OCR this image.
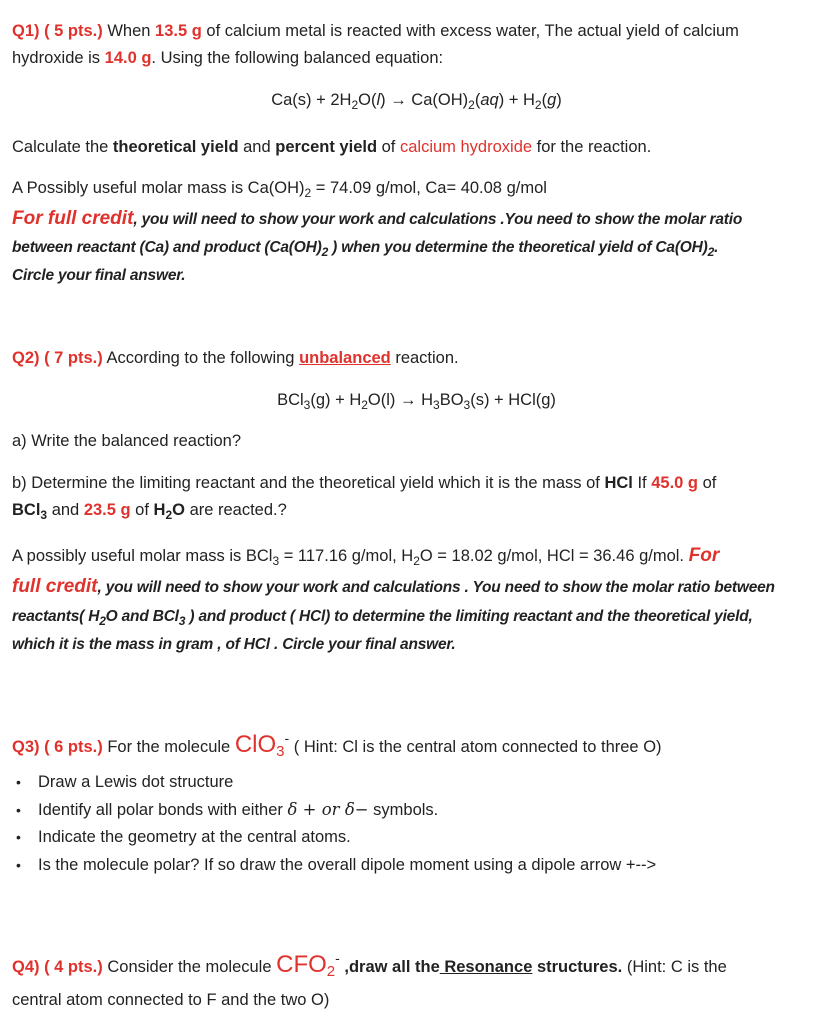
Q1) ( 5 pts.) When 13.5 g of calcium metal is reacted with excess water, The actual yield of calcium
hydroxide is 14.0 g. Using the following balanced equation:
$Ca(s) + 2H_2O(l) \to Ca(OH)_2(aq) + H_2(g)$
Calculate the theoretical yield and percent yield of calcium hydroxide for the reaction.
A Possibly useful molar mass is $Ca(OH)_2 = 74.09$ g/mol, Ca= 40.08 g/mol
For full credit, you will need to show your work and calculations .You need to show the molar ratio
between reactant (Ca) and product ($Ca(OH)_2$ ) when you determine the theoretical yield of $Ca(OH)_2$.
Circle your final answer.
Q2) ( 7 pts.) According to the following unbalanced reaction.
$BCl_3(g) + H_2O(l) \to H_3BO_3(s) + HCl(g)$
a) Write the balanced reaction?
b) Determine the limiting reactant and the theoretical yield which it is the mass of HCl If 45.0 g of
BCl$_3$ and 23.5 g of $H_2O$ are reacted.?
A possibly useful molar mass is BCl$_3$ = 117.16 g/mol, $H_2O = 18.02$ g/mol, HCl = 36.46 g/mol. For
full credit, you will need to show your work and calculations . You need to show the molar ratio between
reactants( $H_2O$ and BCl$_3$ ) and product ( HCl) to determine the limiting reactant and the theoretical yield,
which it is the mass in gram , of HCl . Circle your final answer.
Q3) ( 6 pts.) For the molecule ClO3- ( Hint: Cl is the central atom connected to three O)
• Draw a Lewis dot structure
• Identify all polar bonds with either δ + or δ− symbols.
• Indicate the geometry at the central atoms.
• Is the molecule polar? If so draw the overall dipole moment using a dipole arrow +-->
Q4) ( 4 pts.) Consider the molecule CFO2- ,draw all the Resonance structures. (Hint: C is the
central atom connected to F and the two O)
